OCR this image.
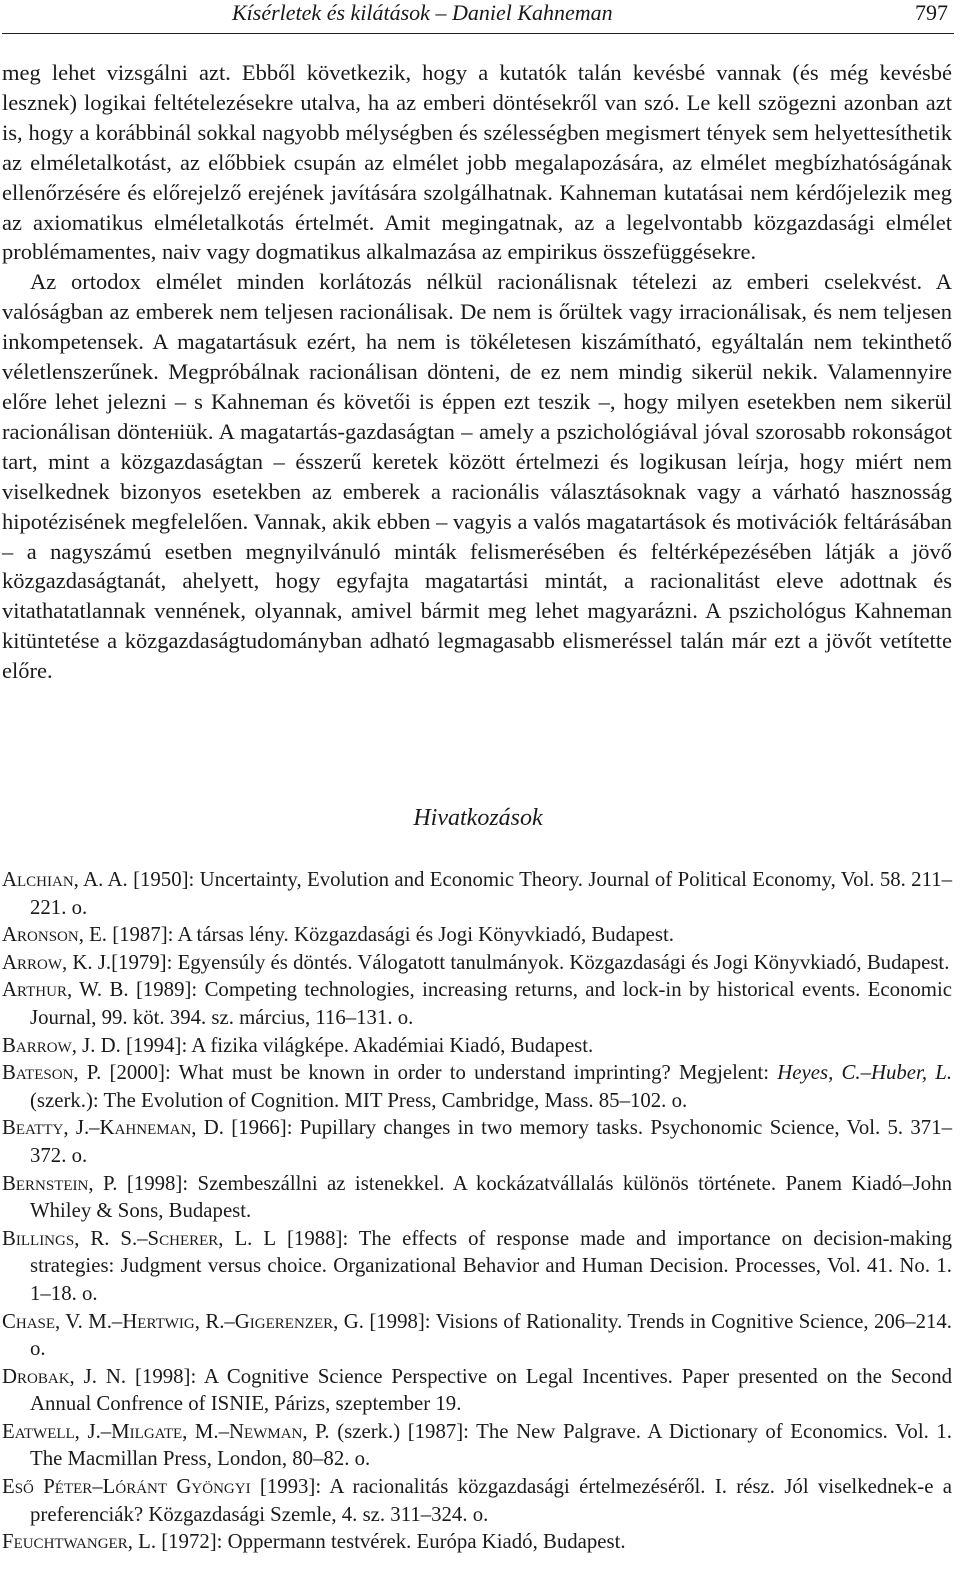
Kísérletek és kilátások – Daniel Kahneman	797

meg lehet vizsgálni azt. Ebből következik, hogy a kutatók talán kevésbé vannak (és még kevésbé lesznek) logikai feltételezésekre utalva, ha az emberi döntésekről van szó. Le kell szögezni azonban azt is, hogy a korábbinál sokkal nagyobb mélységben és szélességben megismert tények sem helyettesíthetik az elméletalkotást, az előbbiek csupán az elmélet jobb megalapozására, az elmélet megbízhatóságának ellenőrzésére és előrejelző erejének javítására szolgálhatnak. Kahneman kutatásai nem kérdőjelezik meg az axiomatikus elméletalkotás értelmét. Amit megingatnak, az a legelvontabb közgazdasági elmélet problémamentes, naiv vagy dogmatikus alkalmazása az empirikus összefüggésekre.

Az ortodox elmélet minden korlátozás nélkül racionálisnak tételezi az emberi cselekvést. A valóságban az emberek nem teljesen racionálisak. De nem is őrültek vagy irracionálisak, és nem teljesen inkompetensek. A magatartásuk ezért, ha nem is tökéletesen kiszámítható, egyáltalán nem tekinthető véletlenszerűnek. Megpróbálnak racionálisan dönteni, de ez nem mindig sikerül nekik. Valamennyire előre lehet jelezni – s Kahneman és követői is éppen ezt teszik –, hogy milyen esetekben nem sikerül racionálisan döntеніük. A magatartás-gazdaságtan – amely a pszichológiával jóval szorosabb rokonságot tart, mint a közgazdaságtan – ésszerű keretek között értelmezi és logikusan leírja, hogy miért nem viselkednek bizonyos esetekben az emberek a racionális választásoknak vagy a várható hasznosság hipotézisének megfelelően. Vannak, akik ebben – vagyis a valós magatartások és motivációk feltárásában – a nagyszámú esetben megnyilvánuló minták felismerésében és feltérképezésében látják a jövő közgazdaságtanát, ahelyett, hogy egyfajta magatartási mintát, a racionalitást eleve adottnak és vitathatatlannak vennének, olyannak, amivel bármit meg lehet magyarázni. A pszichológus Kahneman kitüntetése a közgazdaságtudományban adható legmagasabb elismeréssel talán már ezt a jövőt vetítette előre.

Hivatkozások

Alchian, A. A. [1950]: Uncertainty, Evolution and Economic Theory. Journal of Political Economy, Vol. 58. 211–221. o.

Aronson, E. [1987]: A társas lény. Közgazdasági és Jogi Könyvkiadó, Budapest.

Arrow, K. J.[1979]: Egyensúly és döntés. Válogatott tanulmányok. Közgazdasági és Jogi Könyvkiadó, Budapest.

Arthur, W. B. [1989]: Competing technologies, increasing returns, and lock-in by historical events. Economic Journal, 99. köt. 394. sz. március, 116–131. o.

Barrow, J. D. [1994]: A fizika világképe. Akadémiai Kiadó, Budapest.

Bateson, P. [2000]: What must be known in order to understand imprinting? Megjelent: Heyes, C.–Huber, L. (szerk.): The Evolution of Cognition. MIT Press, Cambridge, Mass. 85–102. o.

Beatty, J.–Kahneman, D. [1966]: Pupillary changes in two memory tasks. Psychonomic Science, Vol. 5. 371–372. o.

Bernstein, P. [1998]: Szembeszállni az istenekkel. A kockázatvállalás különös története. Panem Kiadó–John Whiley & Sons, Budapest.

Billings, R. S.–Scherer, L. L [1988]: The effects of response made and importance on decision-making strategies: Judgment versus choice. Organizational Behavior and Human Decision. Processes, Vol. 41. No. 1. 1–18. o.

Chase, V. M.–Hertwig, R.–Gigerenzer, G. [1998]: Visions of Rationality. Trends in Cognitive Science, 206–214. o.

Drobak, J. N. [1998]: A Cognitive Science Perspective on Legal Incentives. Paper presented on the Second Annual Confrence of ISNIE, Párizs, szeptember 19.

Eatwell, J.–Milgate, M.–Newman, P. (szerk.) [1987]: The New Palgrave. A Dictionary of Economics. Vol. 1. The Macmillan Press, London, 80–82. o.

Eső Péter–Lóránt Gyöngyi [1993]: A racionalitás közgazdasági értelmezéséről. I. rész. Jól viselkednek-e a preferenciák? Közgazdasági Szemle, 4. sz. 311–324. o.

Feuchtwanger, L. [1972]: Oppermann testvérek. Európa Kiadó, Budapest.
